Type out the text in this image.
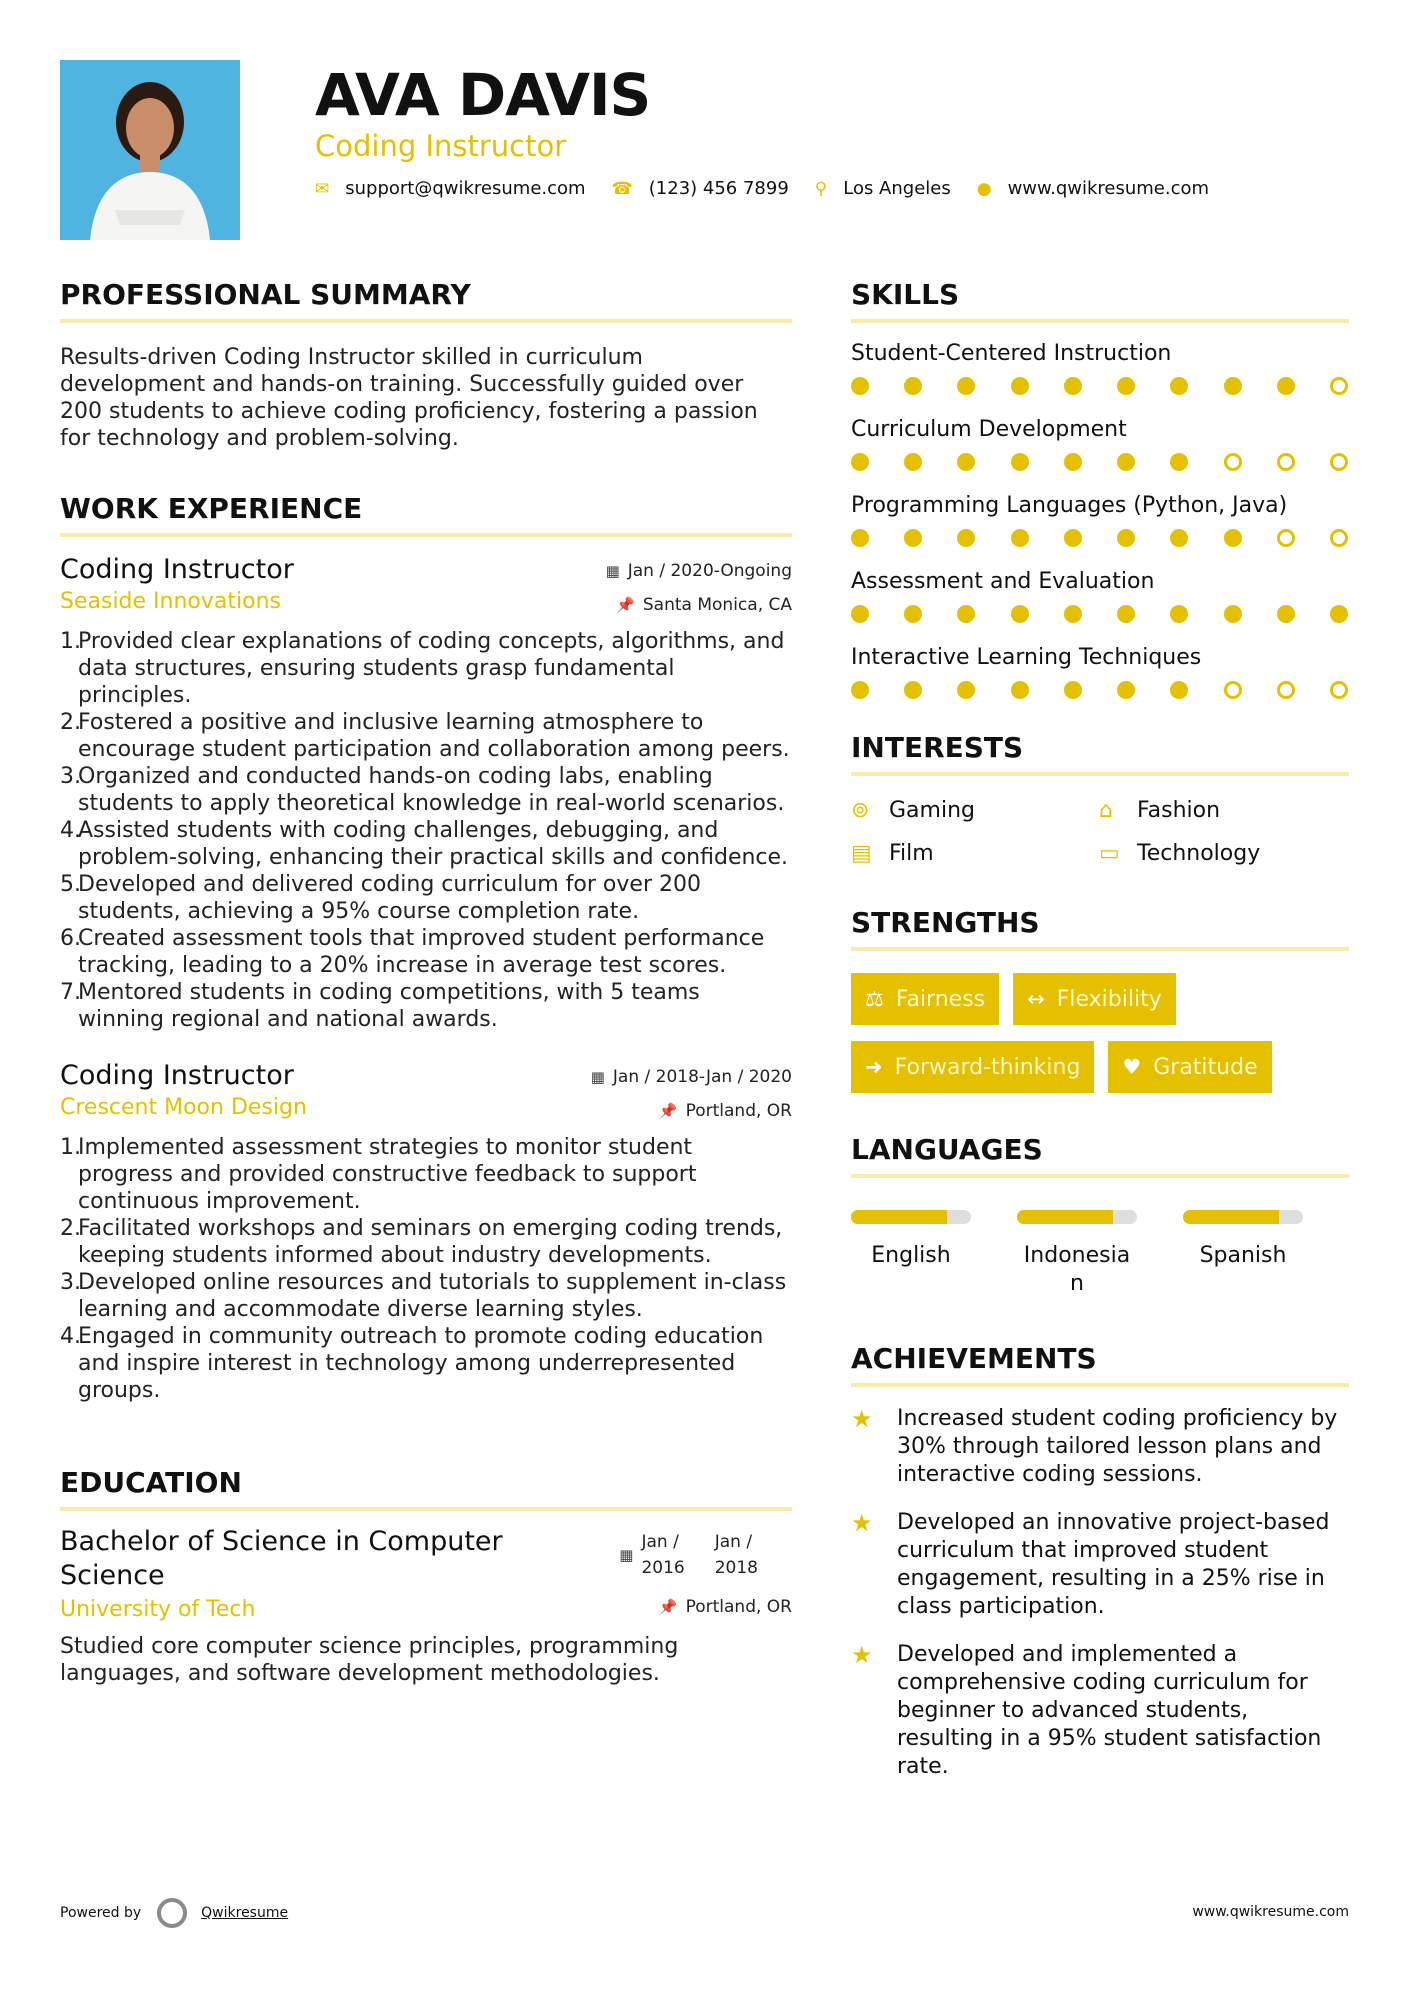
AVA DAVIS
Coding Instructor
✉ support@qwikresume.com ☎ (123) 456 7899 ⚲ Los Angeles ● www.qwikresume.com
PROFESSIONAL SUMMARY
Results-driven Coding Instructor skilled in curriculum development and hands-on training. Successfully guided over 200 students to achieve coding proficiency, fostering a passion for technology and problem-solving.
WORK EXPERIENCE
Coding Instructor
Seaside Innovations
▦ Jan / 2020-Ongoing
📌 Santa Monica, CA
1.
Provided clear explanations of coding concepts, algorithms, and data structures, ensuring students grasp fundamental principles.
2.
Fostered a positive and inclusive learning atmosphere to encourage student participation and collaboration among peers.
3.
Organized and conducted hands-on coding labs, enabling students to apply theoretical knowledge in real-world scenarios.
4.
Assisted students with coding challenges, debugging, and problem-solving, enhancing their practical skills and confidence.
5.
Developed and delivered coding curriculum for over 200 students, achieving a 95% course completion rate.
6.
Created assessment tools that improved student performance tracking, leading to a 20% increase in average test scores.
7.
Mentored students in coding competitions, with 5 teams winning regional and national awards.
Coding Instructor
Crescent Moon Design
▦ Jan / 2018-Jan / 2020
📌 Portland, OR
1.
Implemented assessment strategies to monitor student progress and provided constructive feedback to support continuous improvement.
2.
Facilitated workshops and seminars on emerging coding trends, keeping students informed about industry developments.
3.
Developed online resources and tutorials to supplement in-class learning and accommodate diverse learning styles.
4.
Engaged in community outreach to promote coding education and inspire interest in technology among underrepresented groups.
EDUCATION
Bachelor of Science in Computer
Science
University of Tech
▦
Jan /
2016
Jan /
2018
📌 Portland, OR
Studied core computer science principles, programming languages, and software development methodologies.
SKILLS
Student-Centered Instruction
Curriculum Development
Programming Languages (Python, Java)
Assessment and Evaluation
Interactive Learning Techniques
INTERESTS
⊚ Gaming	⌂	Fashion
▤ Film	▭ Technology
STRENGTHS
⚖ Fairness ↔ Flexibility
➜ Forward-thinking ♥ Gratitude
LANGUAGES
English	Indonesia
n
Spanish
ACHIEVEMENTS
★	Increased student coding proficiency by 30% through tailored lesson plans and interactive coding sessions.
★	Developed an innovative project-based curriculum that improved student engagement, resulting in a 25% rise in class participation.
★	Developed and implemented a comprehensive coding curriculum for beginner to advanced students, resulting in a 95% student satisfaction rate.
Powered by	Qwikresume	www.qwikresume.com
